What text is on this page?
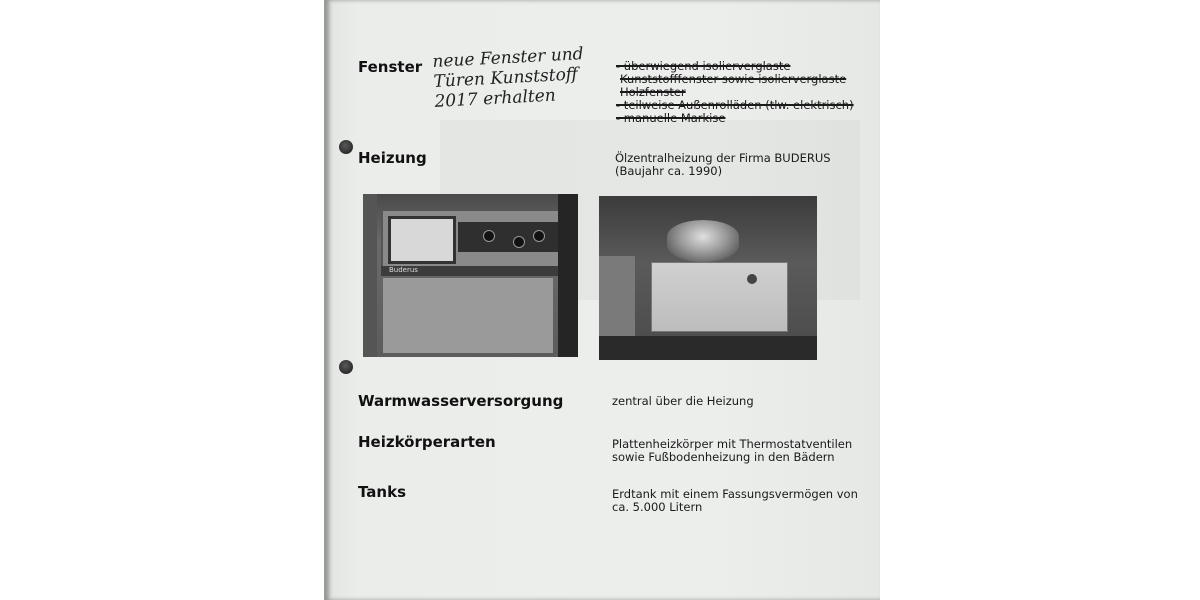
Fenster neue Fenster und
Türen Kunststoff
2017 erhalten
- überwiegend isolierverglaste
Kunststofffenster sowie isolierverglaste
Holzfenster
- teilweise Außenrolläden (tlw. elektrisch)
- manuelle Markise
Heizung	Ölzentralheizung der Firma BUDERUS
(Baujahr ca. 1990)
Buderus
Warmwasserversorgung	zentral über die Heizung
Heizkörperarten	Plattenheizkörper mit Thermostatventilen
sowie Fußbodenheizung in den Bädern
Tanks	Erdtank mit einem Fassungsvermögen von
ca. 5.000 Litern
